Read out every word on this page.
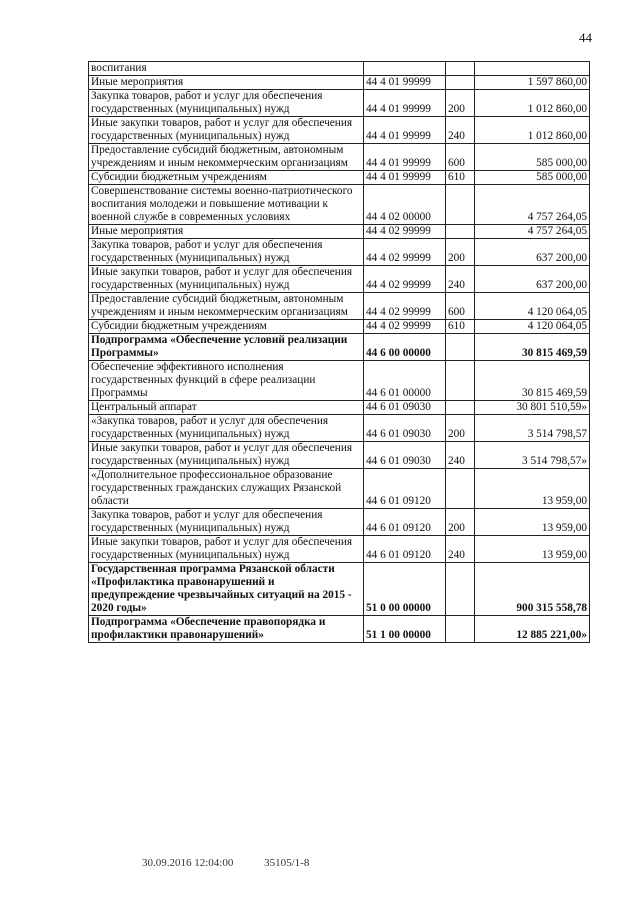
44
воспитания			
Иные мероприятия	44 4 01 99999		1 597 860,00
Закупка товаров, работ и услуг для обеспечения государственных (муниципальных) нужд	44 4 01 99999	200	1 012 860,00
Иные закупки товаров, работ и услуг для обеспечения государственных (муниципальных) нужд	44 4 01 99999	240	1 012 860,00
Предоставление субсидий бюджетным, автономным учреждениям и иным некоммерческим организациям	44 4 01 99999	600	585 000,00
Субсидии бюджетным учреждениям	44 4 01 99999	610	585 000,00
Совершенствование системы военно-патриотического воспитания молодежи и повышение мотивации к военной службе в современных условиях	44 4 02 00000		4 757 264,05
Иные мероприятия	44 4 02 99999		4 757 264,05
Закупка товаров, работ и услуг для обеспечения государственных (муниципальных) нужд	44 4 02 99999	200	637 200,00
Иные закупки товаров, работ и услуг для обеспечения государственных (муниципальных) нужд	44 4 02 99999	240	637 200,00
Предоставление субсидий бюджетным, автономным учреждениям и иным некоммерческим организациям	44 4 02 99999	600	4 120 064,05
Субсидии бюджетным учреждениям	44 4 02 99999	610	4 120 064,05
Подпрограмма «Обеспечение условий реализации Программы»	44 6 00 00000		30 815 469,59
Обеспечение эффективного исполнения государственных функций в сфере реализации Программы	44 6 01 00000		30 815 469,59
Центральный аппарат	44 6 01 09030		30 801 510,59»
«Закупка товаров, работ и услуг для обеспечения государственных (муниципальных) нужд	44 6 01 09030	200	3 514 798,57
Иные закупки товаров, работ и услуг для обеспечения государственных (муниципальных) нужд	44 6 01 09030	240	3 514 798,57»
«Дополнительное профессиональное образование государственных гражданских служащих Рязанской области	44 6 01 09120		13 959,00
Закупка товаров, работ и услуг для обеспечения государственных (муниципальных) нужд	44 6 01 09120	200	13 959,00
Иные закупки товаров, работ и услуг для обеспечения государственных (муниципальных) нужд	44 6 01 09120	240	13 959,00
Государственная программа Рязанской области «Профилактика правонарушений и предупреждение чрезвычайных ситуаций на 2015 - 2020 годы»	51 0 00 00000		900 315 558,78
Подпрограмма «Обеспечение правопорядка и профилактики правонарушений»	51 1 00 00000		12 885 221,00»
30.09.2016 12:04:00	35105/1-8
